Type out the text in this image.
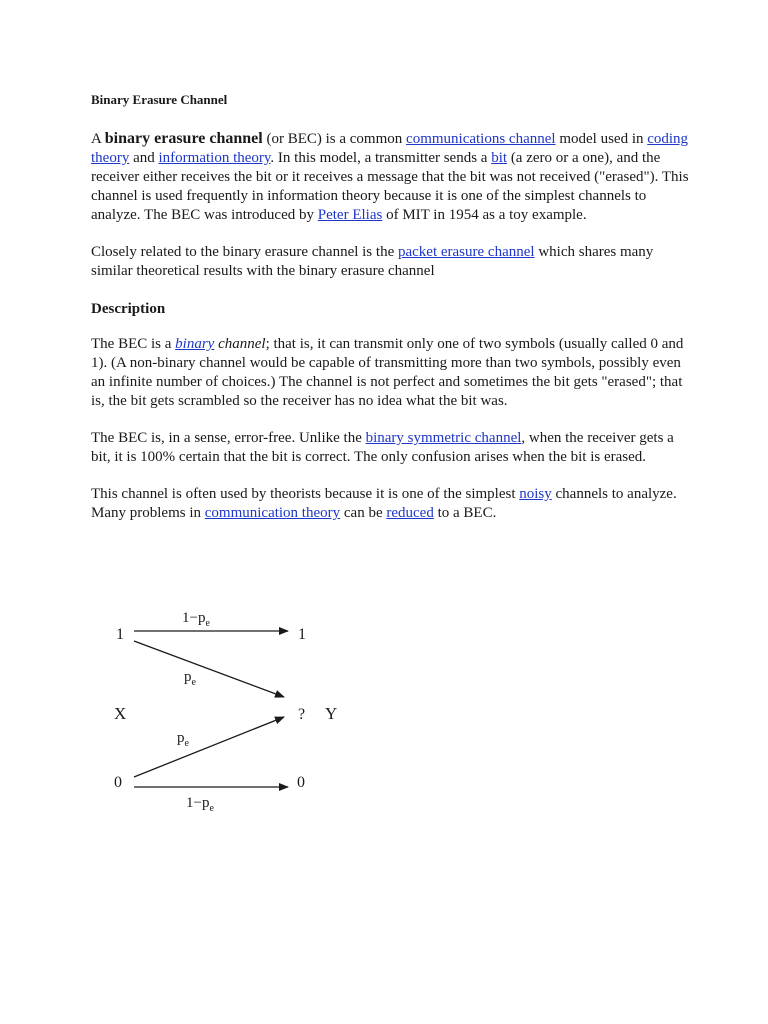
Binary Erasure Channel

A binary erasure channel (or BEC) is a common communications channel model used in coding theory and information theory. In this model, a transmitter sends a bit (a zero or a one), and the receiver either receives the bit or it receives a message that the bit was not received ("erased"). This channel is used frequently in information theory because it is one of the simplest channels to analyze. The BEC was introduced by Peter Elias of MIT in 1954 as a toy example.

Closely related to the binary erasure channel is the packet erasure channel which shares many similar theoretical results with the binary erasure channel

Description

The BEC is a binary channel; that is, it can transmit only one of two symbols (usually called 0 and 1). (A non-binary channel would be capable of transmitting more than two symbols, possibly even an infinite number of choices.) The channel is not perfect and sometimes the bit gets "erased"; that is, the bit gets scrambled so the receiver has no idea what the bit was.

The BEC is, in a sense, error-free. Unlike the binary symmetric channel, when the receiver gets a bit, it is 100% certain that the bit is correct. The only confusion arises when the bit is erased.

This channel is often used by theorists because it is one of the simplest noisy channels to analyze. Many problems in communication theory can be reduced to a BEC.

1
0
1
?
0
X	Y
$1-p_e$
$p_e$
$p_e$
$1-p_e$
